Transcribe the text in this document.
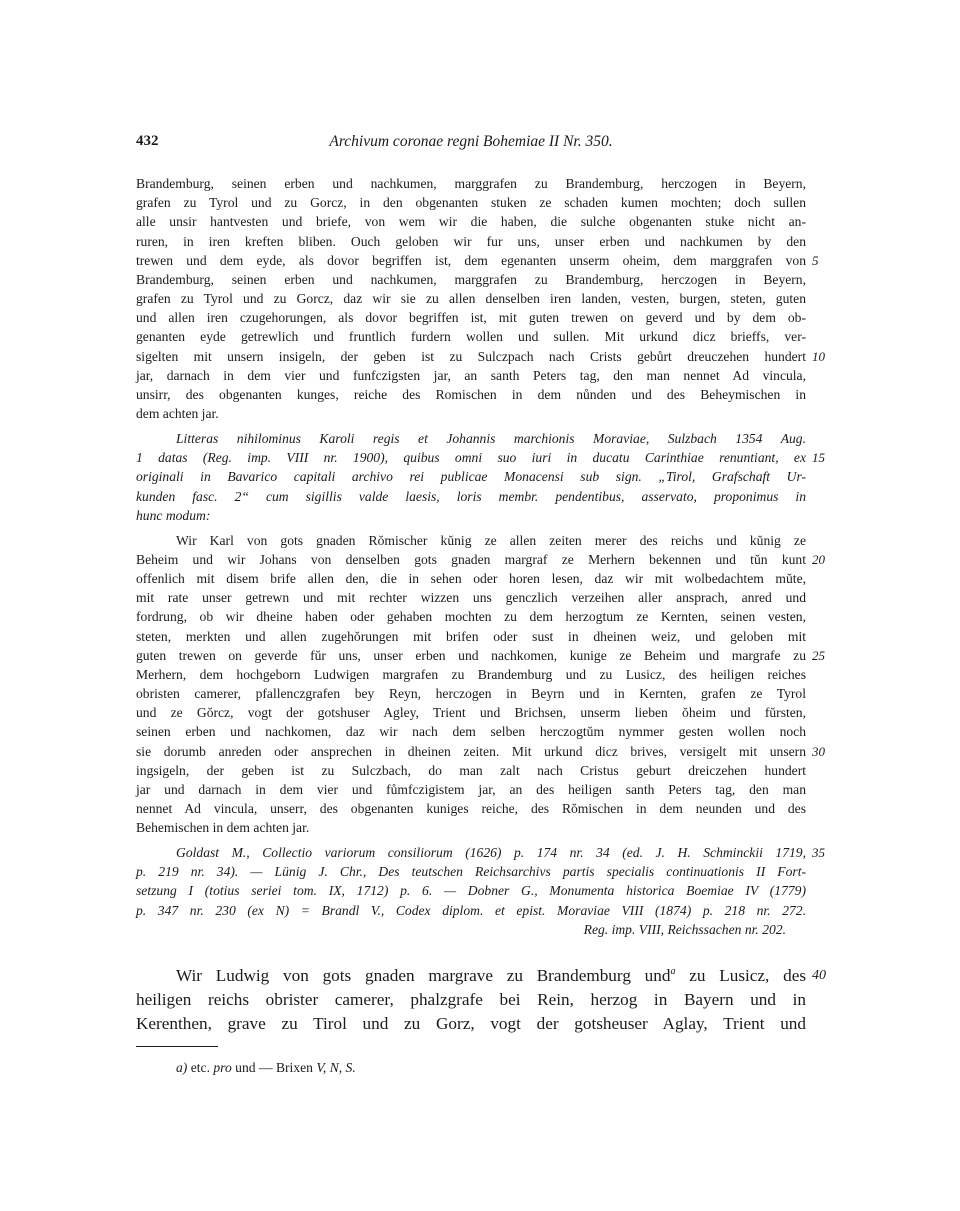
432	Archivum coronae regni Bohemiae II Nr. 350.
Brandemburg, seinen erben und nachkumen, marggrafen zu Brandemburg, herczogen in Beyern,
grafen zu Tyrol und zu Gorcz, in den obgenanten stuken ze schaden kumen mochten; doch sullen
alle unsir hantvesten und briefe, von wem wir die haben, die sulche obgenanten stuke nicht an-
ruren, in iren kreften bliben. Ouch geloben wir fur uns, unser erben und nachkumen by den
trewen und dem eyde, als dovor begriffen ist, dem egenanten unserm oheim, dem marggrafen von
Brandemburg, seinen erben und nachkumen, marggrafen zu Brandemburg, herczogen in Beyern,
grafen zu Tyrol und zu Gorcz, daz wir sie zu allen denselben iren landen, vesten, burgen, steten, guten
und allen iren czugehorungen, als dovor begriffen ist, mit guten trewen on geverd und by dem ob-
genanten eyde getrewlich und fruntlich furdern wollen und sullen. Mit urkund dicz brieffs, ver-
sigelten mit unsern insigeln, der geben ist zu Sulczpach nach Crists gebůrt dreuczehen hundert
jar, darnach in dem vier und funfczigsten jar, an santh Peters tag, den man nennet Ad vincula,
unsirr, des obgenanten kunges, reiche des Romischen in dem nůnden und des Beheymischen in
dem achten jar.
Litteras nihilominus Karoli regis et Johannis marchionis Moraviae, Sulzbach 1354 Aug.
1 datas (Reg. imp. VIII nr. 1900), quibus omni suo iuri in ducatu Carinthiae renuntiant, ex
originali in Bavarico capitali archivo rei publicae Monacensi sub sign. „Tirol, Grafschaft Ur-
kunden fasc. 2“ cum sigillis valde laesis, loris membr. pendentibus, asservato, proponimus in
hunc modum:
Wir Karl von gots gnaden Rŏmischer kŭnig ze allen zeiten merer des reichs und kŭnig ze
Beheim und wir Johans von denselben gots gnaden margraf ze Merhern bekennen und tŭn kunt
offenlich mit disem brife allen den, die in sehen oder horen lesen, daz wir mit wolbedachtem mŭte,
mit rate unser getrewn und mit rechter wizzen uns genczlich verzeihen aller ansprach, anred und
fordrung, ob wir dheine haben oder gehaben mochten zu dem herzogtum ze Kernten, seinen vesten,
steten, merkten und allen zugehŏrungen mit brifen oder sust in dheinen weiz, und geloben mit
guten trewen on geverde fŭr uns, unser erben und nachkomen, kunige ze Beheim und margrafe zu
Merhern, dem hochgeborn Ludwigen margrafen zu Brandemburg und zu Lusicz, des heiligen reiches
obristen camerer, pfallenczgrafen bey Reyn, herczogen in Beyrn und in Kernten, grafen ze Tyrol
und ze Gŏrcz, vogt der gotshuser Agley, Trient und Brichsen, unserm lieben ŏheim und fŭrsten,
seinen erben und nachkomen, daz wir nach dem selben herczogtŭm nymmer gesten wollen noch
sie dorumb anreden oder ansprechen in dheinen zeiten. Mit urkund dicz brives, versigelt mit unsern
ingsigeln, der geben ist zu Sulczbach, do man zalt nach Cristus geburt dreiczehen hundert
jar und darnach in dem vier und fůmfczigistem jar, an des heiligen santh Peters tag, den man
nennet Ad vincula, unserr, des obgenanten kuniges reiche, des Rŏmischen in dem neunden und des
Behemischen in dem achten jar.
Goldast M., Collectio variorum consiliorum (1626) p. 174 nr. 34 (ed. J. H. Schminckii 1719,
p. 219 nr. 34). — Lünig J. Chr., Des teutschen Reichsarchivs partis specialis continuationis II Fort-
setzung I (totius seriei tom. IX, 1712) p. 6. — Dobner G., Monumenta historica Boemiae IV (1779)
p. 347 nr. 230 (ex N) = Brandl V., Codex diplom. et epist. Moraviae VIII (1874) p. 218 nr. 272.
Reg. imp. VIII, Reichssachen nr. 202.
Wir Ludwig von gots gnaden margrave zu Brandemburg und$^a$ zu Lusicz, des
heiligen reichs obrister camerer, phalzgrafe bei Rein, herzog in Bayern und in
Kerenthen, grave zu Tirol und zu Gorz, vogt der gotsheuser Aglay, Trient und
5
10
15
20
25
30
35
40
a) etc. pro und — Brixen V, N, S.
